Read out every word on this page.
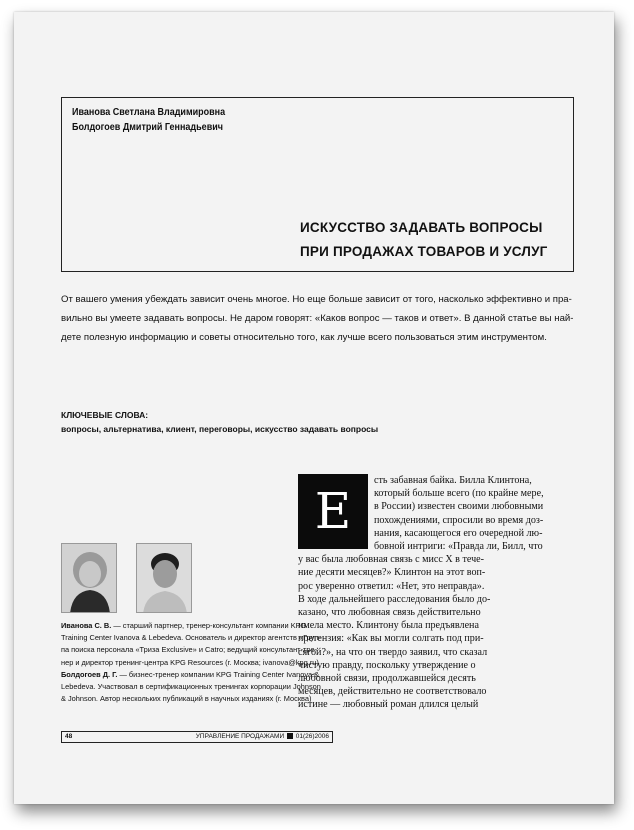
Иванова Светлана Владимировна
Болдогоев Дмитрий Геннадьевич
ИСКУССТВО ЗАДАВАТЬ ВОПРОСЫ
ПРИ ПРОДАЖАХ ТОВАРОВ И УСЛУГ

От вашего умения убеждать зависит очень многое. Но еще больше зависит от того, насколько эффективно и пра-

вильно вы умеете задавать вопросы. Не даром говорят: «Каков вопрос — таков и ответ». В данной статье вы най-

дете полезную информацию и советы относительно того, как лучше всего пользоваться этим инструментом.

КЛЮЧЕВЫЕ СЛОВА:
вопросы, альтернатива, клиент, переговоры, искусство задавать вопросы

Иванова С. В. — старший партнер, тренер-консультант компании KPG

Training Center Ivanova & Lebedeva. Основатель и директор агентств «Груп-

па поиска персонала «Триза Exclusive» и Catro; ведущий консультант-тре-

нер и директор тренинг-центра KPG Resources (г. Москва; ivanova@kpg.ru)

Болдогоев Д. Г. — бизнес-тренер компании KPG Training Center Ivanova &

Lebedeva. Участвовал в сертификационных тренингах корпорации Johnson

& Johnson. Автор нескольких публикаций в научных изданиях (г. Москва)

сть забавная байка. Билла Клинтона,

который больше всего (по крайне мере,

в России) известен своими любовными

похождениями, спросили во время доз-

нания, касающегося его очередной лю-

бовной интриги: «Правда ли, Билл, что

у вас была любовная связь с мисс Х в тече-

ние десяти месяцев?» Клинтон на этот воп-

рос уверенно ответил: «Нет, это неправда».

В ходе дальнейшего расследования было до-

казано, что любовная связь действительно

имела место. Клинтону была предъявлена

претензия: «Как вы могли солгать под при-

сягой?», на что он твердо заявил, что сказал

чистую правду, поскольку утверждение о

любовной связи, продолжавшейся десять

месяцев, действительно не соответствовало

истине — любовный роман длился целый

Е
48	УПРАВЛЕНИЕ ПРОДАЖАМИ 01(26)2006
